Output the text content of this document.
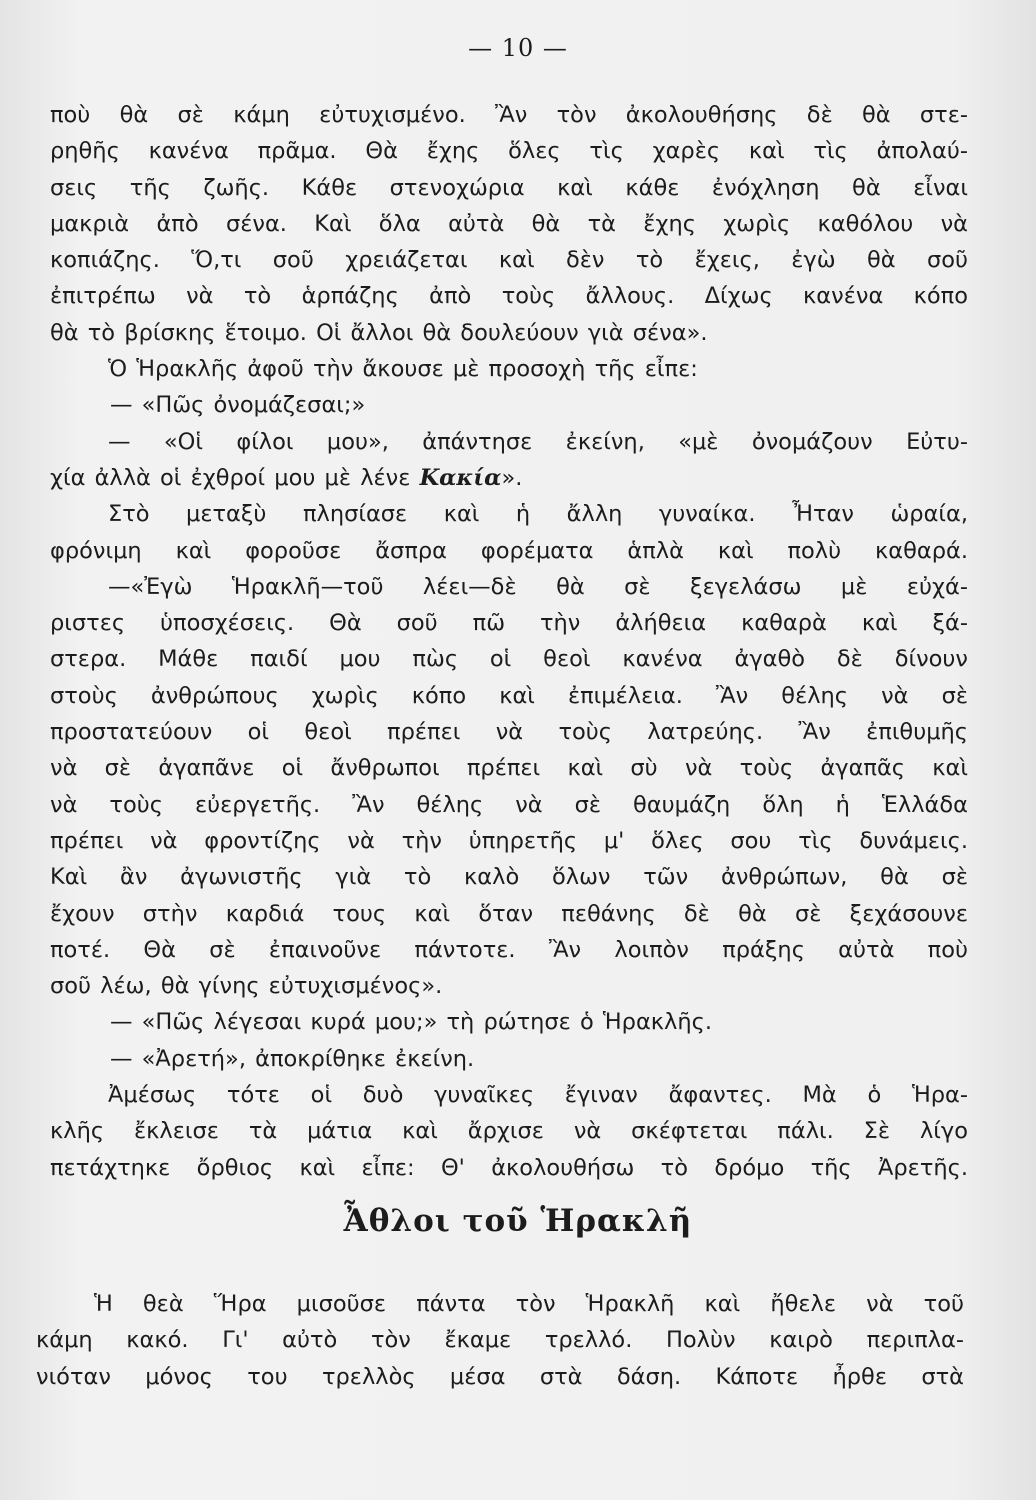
— 10 —
ποὺ θὰ σὲ κάμη εὐτυχισμένο. Ἂν τὸν ἀκολουθήσης δὲ θὰ στε-
ρηθῆς κανένα πρᾶμα. Θὰ ἔχης ὅλες τὶς χαρὲς καὶ τὶς ἀπολαύ-
σεις τῆς ζωῆς. Κάθε στενοχώρια καὶ κάθε ἐνόχληση θὰ εἶναι
μακριὰ ἀπὸ σένα. Καὶ ὅλα αὐτὰ θὰ τὰ ἔχης χωρὶς καθόλου νὰ
κοπιάζης. Ὅ,τι σοῦ χρειάζεται καὶ δὲν τὸ ἔχεις, ἐγὼ θὰ σοῦ
ἐπιτρέπω νὰ τὸ ἁρπάζης ἀπὸ τοὺς ἄλλους. Δίχως κανένα κόπο
θὰ τὸ βρίσκης ἕτοιμο. Οἱ ἄλλοι θὰ δουλεύουν γιὰ σένα».
Ὁ Ἡρακλῆς ἀφοῦ τὴν ἄκουσε μὲ προσοχὴ τῆς εἶπε:
— «Πῶς ὀνομάζεσαι;»
— «Οἱ φίλοι μου», ἀπάντησε ἐκείνη, «μὲ ὀνομάζουν Εὐτυ-
χία ἀλλὰ οἱ ἐχθροί μου μὲ λένε Κακία».
Στὸ μεταξὺ πλησίασε καὶ ἡ ἄλλη γυναίκα. Ἦταν ὡραία,
φρόνιμη καὶ φοροῦσε ἄσπρα φορέματα ἁπλὰ καὶ πολὺ καθαρά.
—«Ἐγὼ Ἡρακλῆ—τοῦ λέει—δὲ θὰ σὲ ξεγελάσω μὲ εὐχά-
ριστες ὑποσχέσεις. Θὰ σοῦ πῶ τὴν ἀλήθεια καθαρὰ καὶ ξά-
στερα. Μάθε παιδί μου πὼς οἱ θεοὶ κανένα ἀγαθὸ δὲ δίνουν
στοὺς ἀνθρώπους χωρὶς κόπο καὶ ἐπιμέλεια. Ἂν θέλης νὰ σὲ
προστατεύουν οἱ θεοὶ πρέπει νὰ τοὺς λατρεύης. Ἂν ἐπιθυμῆς
νὰ σὲ ἀγαπᾶνε οἱ ἄνθρωποι πρέπει καὶ σὺ νὰ τοὺς ἀγαπᾶς καὶ
νὰ τοὺς εὐεργετῆς. Ἂν θέλης νὰ σὲ θαυμάζη ὅλη ἡ Ἑλλάδα
πρέπει νὰ φροντίζης νὰ τὴν ὑπηρετῆς μ' ὅλες σου τὶς δυνάμεις.
Καὶ ἂν ἀγωνιστῆς γιὰ τὸ καλὸ ὅλων τῶν ἀνθρώπων, θὰ σὲ
ἔχουν στὴν καρδιά τους καὶ ὅταν πεθάνης δὲ θὰ σὲ ξεχάσουνε
ποτέ. Θὰ σὲ ἐπαινοῦνε πάντοτε. Ἂν λοιπὸν πράξης αὐτὰ ποὺ
σοῦ λέω, θὰ γίνης εὐτυχισμένος».
— «Πῶς λέγεσαι κυρά μου;» τὴ ρώτησε ὁ Ἡρακλῆς.
— «Ἀρετή», ἀποκρίθηκε ἐκείνη.
Ἀμέσως τότε οἱ δυὸ γυναῖκες ἔγιναν ἄφαντες. Μὰ ὁ Ἡρα-
κλῆς ἔκλεισε τὰ μάτια καὶ ἄρχισε νὰ σκέφτεται πάλι. Σὲ λίγο
πετάχτηκε ὄρθιος καὶ εἶπε: Θ' ἀκολουθήσω τὸ δρόμο τῆς Ἀρετῆς.
Ἆθλοι τοῦ Ἡρακλῆ
Ἡ θεὰ Ἥρα μισοῦσε πάντα τὸν Ἡρακλῆ καὶ ἤθελε νὰ τοῦ
κάμη κακό. Γι' αὐτὸ τὸν ἔκαμε τρελλό. Πολὺν καιρὸ περιπλα-
νιόταν μόνος του τρελλὸς μέσα στὰ δάση. Κάποτε ἦρθε στὰ
